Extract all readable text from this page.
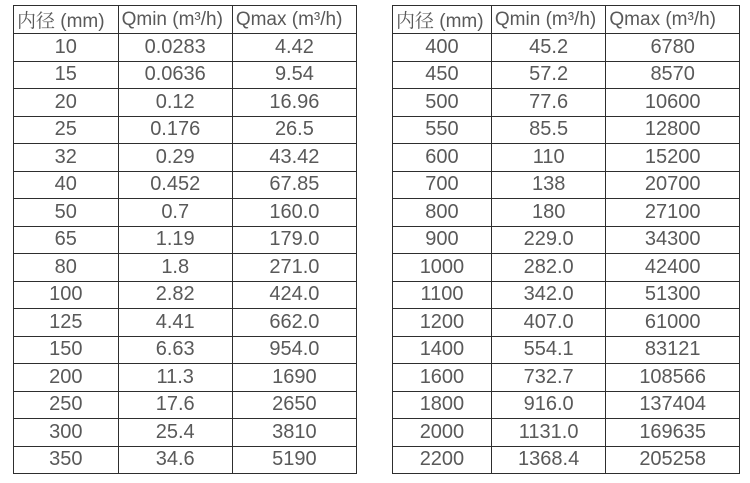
内径 (mm)	Qmin (m³/h)	Qmax (m³/h)
10	0.0283	4.42
15	0.0636	9.54
20	0.12	16.96
25	0.176	26.5
32	0.29	43.42
40	0.452	67.85
50	0.7	160.0
65	1.19	179.0
80	1.8	271.0
100	2.82	424.0
125	4.41	662.0
150	6.63	954.0
200	11.3	1690
250	17.6	2650
300	25.4	3810
350	34.6	5190
内径 (mm)	Qmin (m³/h)	Qmax (m³/h)
400	45.2	6780
450	57.2	8570
500	77.6	10600
550	85.5	12800
600	110	15200
700	138	20700
800	180	27100
900	229.0	34300
1000	282.0	42400
1100	342.0	51300
1200	407.0	61000
1400	554.1	83121
1600	732.7	108566
1800	916.0	137404
2000	1131.0	169635
2200	1368.4	205258
